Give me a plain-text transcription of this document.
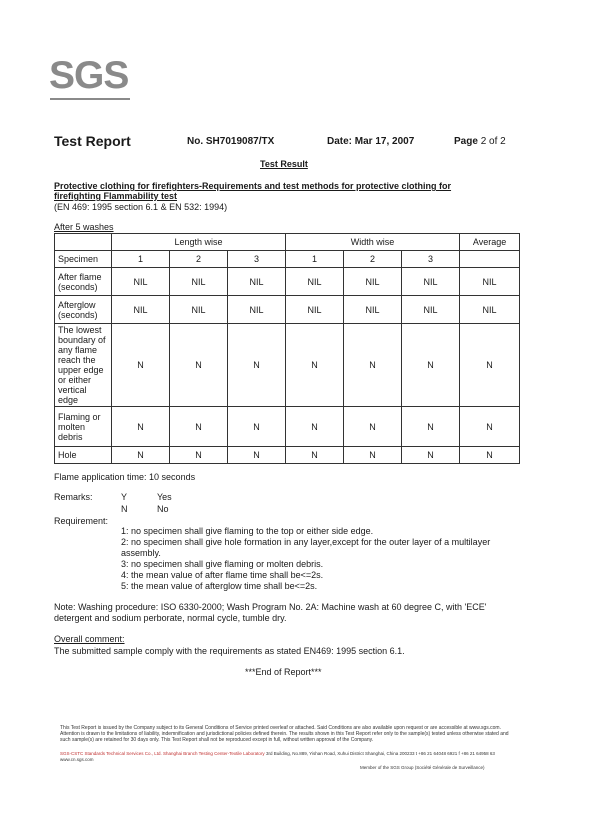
SGS
Test Report	No. SH7019087/TX	Date: Mar 17, 2007	Page 2 of 2
Test Result
Protective clothing for firefighters-Requirements and test methods for protective clothing for firefighting Flammability test
(EN 469: 1995 section 6.1 & EN 532: 1994)
After 5 washes
	Length wise			Width wise			Average
Specimen	1	2	3	1	2	3	
After flame (seconds)	NIL	NIL	NIL	NIL	NIL	NIL	NIL
Afterglow (seconds)	NIL	NIL	NIL	NIL	NIL	NIL	NIL
The lowest boundary of any flame reach the upper edge or either vertical edge	N	N	N	N	N	N	N
Flaming or molten debris	N	N	N	N	N	N	N
Hole	N	N	N	N	N	N	N
Flame application time: 10 seconds
Remarks:	Y	Yes
N	No
Requirement:
1: no specimen shall give flaming to the top or either side edge.
2: no specimen shall give hole formation in any layer,except for the outer layer of a multilayer assembly.
3: no specimen shall give flaming or molten debris.
4: the mean value of after flame time shall be<=2s.
5: the mean value of afterglow time shall be<=2s.
Note: Washing procedure: ISO 6330-2000; Wash Program No. 2A: Machine wash at 60 degree C, with 'ECE' detergent and sodium perborate, normal cycle, tumble dry.
Overall comment:
The submitted sample comply with the requirements as stated EN469: 1995 section 6.1.
***End of Report***
This Test Report is issued by the Company subject to its General Conditions of Service printed overleaf or attached. Said Conditions are also available upon request or are accessible at www.sgs.com. Attention is drawn to the limitations of liability, indemnification and jurisdictional policies defined therein. The results shown in this Test Report refer only to the sample(s) tested unless otherwise stated and such sample(s) are retained for 30 days only. This Test Report shall not be reproduced except in full, without written approval of the Company.
SGS-CSTC Standards Technical Services Co., Ltd. Shanghai Branch Testing Center-Textile Laboratory 3rd Building, No.889, Yishan Road, Xuhui District Shanghai, China 200233 t +86 21 64048 6921 f +86 21 64958 63 www.cn.sgs.com
Member of the SGS Group (Société Générale de Surveillance)
